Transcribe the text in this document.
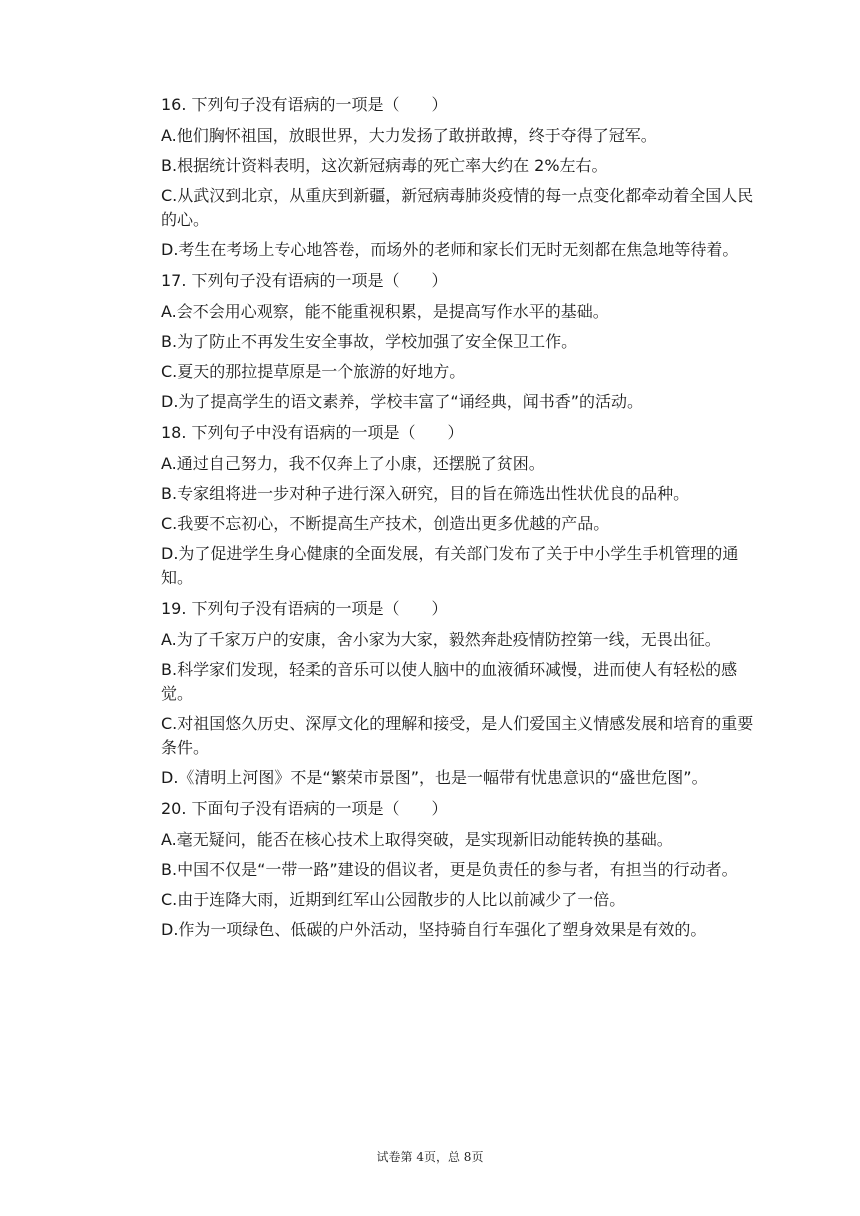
16. 下列句子没有语病的一项是（　　）

A.他们胸怀祖国，放眼世界，大力发扬了敢拼敢搏，终于夺得了冠军。

B.根据统计资料表明，这次新冠病毒的死亡率大约在 2%左右。

C.从武汉到北京，从重庆到新疆，新冠病毒肺炎疫情的每一点变化都牵动着全国人民的心。

D.考生在考场上专心地答卷，而场外的老师和家长们无时无刻都在焦急地等待着。

17. 下列句子没有语病的一项是（　　）

A.会不会用心观察，能不能重视积累，是提高写作水平的基础。

B.为了防止不再发生安全事故，学校加强了安全保卫工作。

C.夏天的那拉提草原是一个旅游的好地方。

D.为了提高学生的语文素养，学校丰富了“诵经典，闻书香”的活动。

18. 下列句子中没有语病的一项是（　　）

A.通过自己努力，我不仅奔上了小康，还摆脱了贫困。

B.专家组将进一步对种子进行深入研究，目的旨在筛选出性状优良的品种。

C.我要不忘初心，不断提高生产技术，创造出更多优越的产品。

D.为了促进学生身心健康的全面发展，有关部门发布了关于中小学生手机管理的通知。

19. 下列句子没有语病的一项是（　　）

A.为了千家万户的安康，舍小家为大家，毅然奔赴疫情防控第一线，无畏出征。

B.科学家们发现，轻柔的音乐可以使人脑中的血液循环减慢，进而使人有轻松的感觉。

C.对祖国悠久历史、深厚文化的理解和接受，是人们爱国主义情感发展和培育的重要条件。

D.《清明上河图》不是“繁荣市景图”，也是一幅带有忧患意识的“盛世危图”。

20. 下面句子没有语病的一项是（　　）

A.毫无疑问，能否在核心技术上取得突破，是实现新旧动能转换的基础。

B.中国不仅是“一带一路”建设的倡议者，更是负责任的参与者，有担当的行动者。

C.由于连降大雨，近期到红军山公园散步的人比以前减少了一倍。

D.作为一项绿色、低碳的户外活动，坚持骑自行车强化了塑身效果是有效的。

试卷第 4页，总 8页
